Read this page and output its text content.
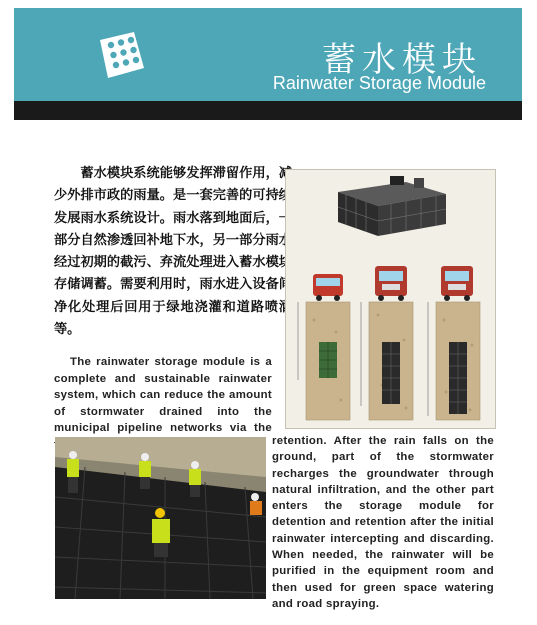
蓄水模块
Rainwater Storage Module

蓄水模块系统能够发挥滞留作用，减少外排市政的雨量。是一套完善的可持续发展雨水系统设计。雨水落到地面后，一部分自然渗透回补地下水，另一部分雨水经过初期的截污、弃流处理进入蓄水模块存储调蓄。需要利用时，雨水进入设备间净化处理后回用于绿地浇灌和道路喷洒等。

The rainwater storage module is a complete and sustainable rainwater system, which can reduce the amount of stormwater drained into the municipal pipeline networks via the

retention. After the rain falls on the ground, part of the stormwater recharges the groundwater through natural infiltration, and the other part enters the storage module for detention and retention after the initial rainwater intercepting and discarding. When needed, the rainwater will be purified in the equipment room and then used for green space watering and road spraying.
